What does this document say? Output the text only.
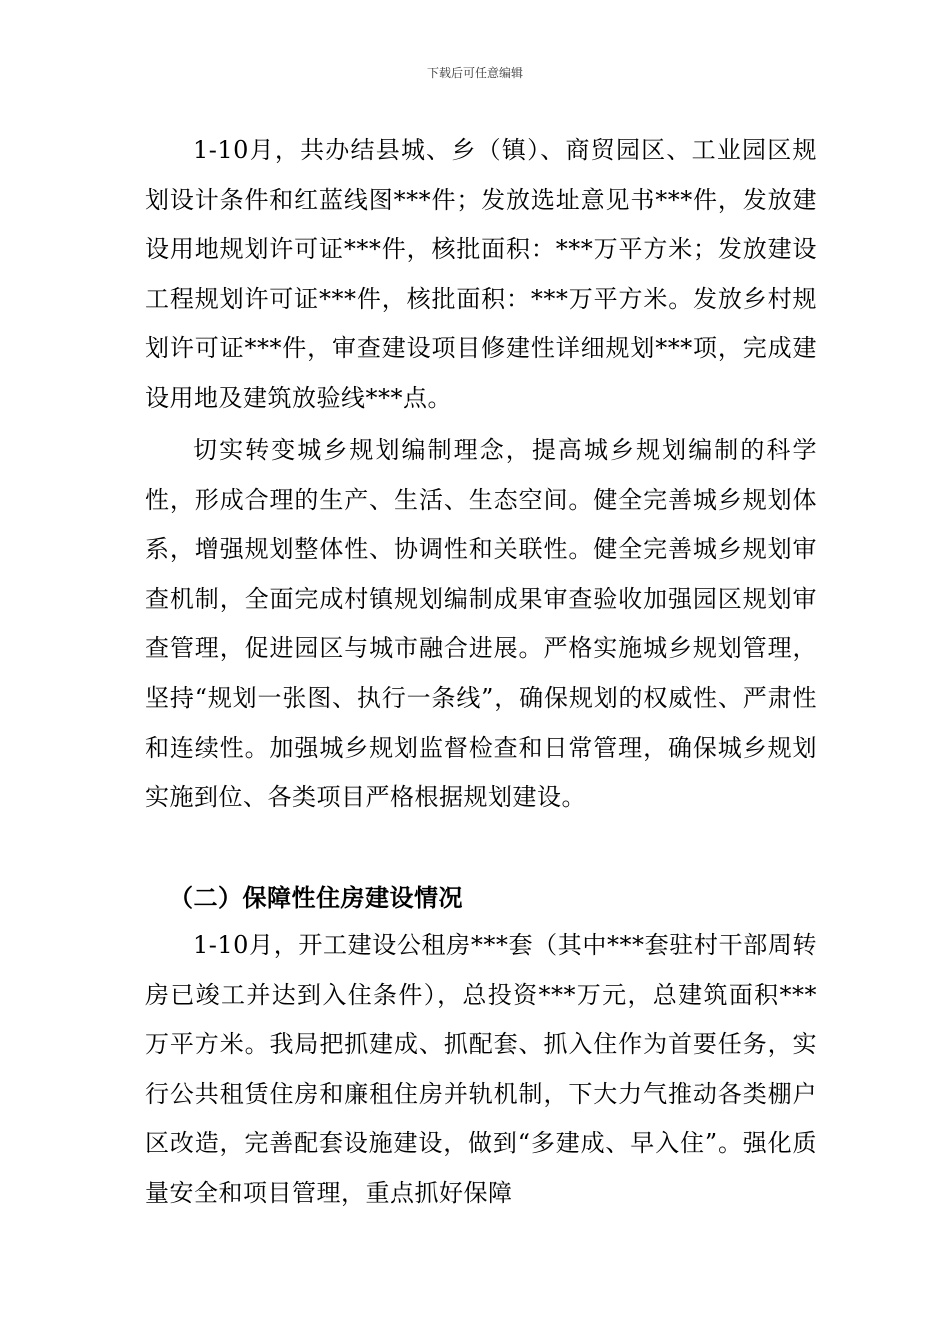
下载后可任意编辑

1-10月，共办结县城、乡（镇）、商贸园区、工业园区规划设计条件和红蓝线图***件；发放选址意见书***件，发放建设用地规划许可证***件，核批面积：***万平方米；发放建设工程规划许可证***件，核批面积：***万平方米。发放乡村规划许可证***件，审查建设项目修建性详细规划***项，完成建设用地及建筑放验线***点。

切实转变城乡规划编制理念，提高城乡规划编制的科学性，形成合理的生产、生活、生态空间。健全完善城乡规划体系，增强规划整体性、协调性和关联性。健全完善城乡规划审查机制，全面完成村镇规划编制成果审查验收加强园区规划审查管理，促进园区与城市融合进展。严格实施城乡规划管理，坚持“规划一张图、执行一条线”，确保规划的权威性、严肃性和连续性。加强城乡规划监督检查和日常管理，确保城乡规划实施到位、各类项目严格根据规划建设。

（二）保障性住房建设情况

1-10月，开工建设公租房***套（其中***套驻村干部周转房已竣工并达到入住条件），总投资***万元，总建筑面积***万平方米。我局把抓建成、抓配套、抓入住作为首要任务，实行公共租赁住房和廉租住房并轨机制，下大力气推动各类棚户区改造，完善配套设施建设，做到“多建成、早入住”。强化质量安全和项目管理，重点抓好保障
